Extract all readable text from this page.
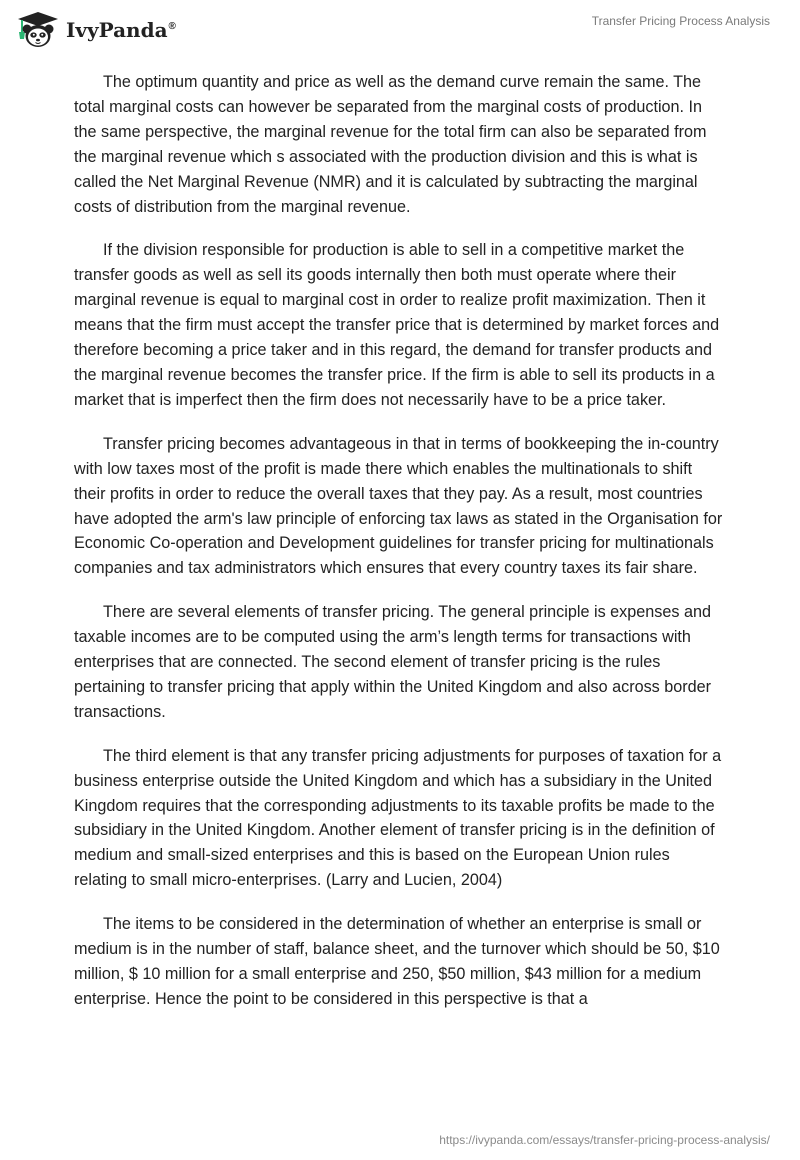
IvyPanda®	Transfer Pricing Process Analysis

The optimum quantity and price as well as the demand curve remain the same. The total marginal costs can however be separated from the marginal costs of production. In the same perspective, the marginal revenue for the total firm can also be separated from the marginal revenue which s associated with the production division and this is what is called the Net Marginal Revenue (NMR) and it is calculated by subtracting the marginal costs of distribution from the marginal revenue.

If the division responsible for production is able to sell in a competitive market the transfer goods as well as sell its goods internally then both must operate where their marginal revenue is equal to marginal cost in order to realize profit maximization. Then it means that the firm must accept the transfer price that is determined by market forces and therefore becoming a price taker and in this regard, the demand for transfer products and the marginal revenue becomes the transfer price. If the firm is able to sell its products in a market that is imperfect then the firm does not necessarily have to be a price taker.

Transfer pricing becomes advantageous in that in terms of bookkeeping the in-country with low taxes most of the profit is made there which enables the multinationals to shift their profits in order to reduce the overall taxes that they pay. As a result, most countries have adopted the arm's law principle of enforcing tax laws as stated in the Organisation for Economic Co-operation and Development guidelines for transfer pricing for multinationals companies and tax administrators which ensures that every country taxes its fair share.

There are several elements of transfer pricing. The general principle is expenses and taxable incomes are to be computed using the arm’s length terms for transactions with enterprises that are connected. The second element of transfer pricing is the rules pertaining to transfer pricing that apply within the United Kingdom and also across border transactions.

The third element is that any transfer pricing adjustments for purposes of taxation for a business enterprise outside the United Kingdom and which has a subsidiary in the United Kingdom requires that the corresponding adjustments to its taxable profits be made to the subsidiary in the United Kingdom. Another element of transfer pricing is in the definition of medium and small-sized enterprises and this is based on the European Union rules relating to small micro-enterprises. (Larry and Lucien, 2004)

The items to be considered in the determination of whether an enterprise is small or medium is in the number of staff, balance sheet, and the turnover which should be 50, $10 million, $ 10 million for a small enterprise and 250, $50 million, $43 million for a medium enterprise. Hence the point to be considered in this perspective is that a

https://ivypanda.com/essays/transfer-pricing-process-analysis/
